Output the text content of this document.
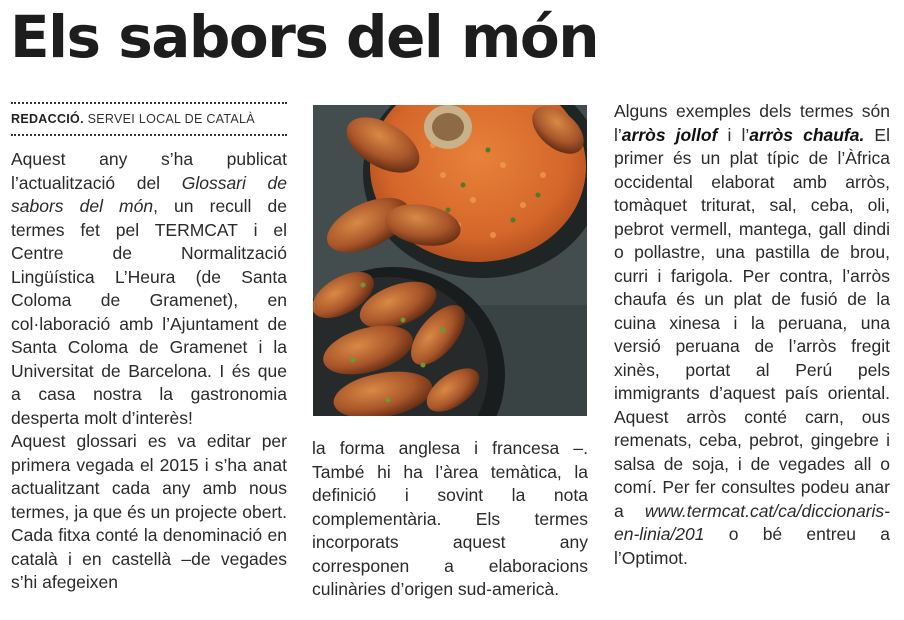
Els sabors del món
REDACCIÓ. SERVEI LOCAL DE CATALÀ

Aquest any s’ha publicat l’actualització del Glossari de sabors del món, un recull de termes fet pel TERMCAT i el Centre de Normalització Lingüística L’Heura (de Santa Coloma de Gramenet), en col·laboració amb l’Ajuntament de Santa Coloma de Gramenet i la Universitat de Barcelona. I és que a casa nostra la gastronomia desperta molt d’interès!

Aquest glossari es va editar per primera vegada el 2015 i s’ha anat actualitzant cada any amb nous termes, ja que és un projecte obert. Cada fitxa conté la denominació en català i en castellà –de vegades s’hi afegeixen

la forma anglesa i francesa –. També hi ha l’àrea temàtica, la definició i sovint la nota complementària. Els termes incorporats aquest any corresponen a elaboracions culinàries d’origen sud-americà.

Alguns exemples dels termes són l’arròs jollof i l’arròs chaufa. El primer és un plat típic de l’Àfrica occidental elaborat amb arròs, tomàquet triturat, sal, ceba, oli, pebrot vermell, mantega, gall dindi o pollastre, una pastilla de brou, curri i farigola. Per contra, l’arròs chaufa és un plat de fusió de la cuina xinesa i la peruana, una versió peruana de l’arròs fregit xinès, portat al Perú pels immigrants d’aquest país oriental. Aquest arròs conté carn, ous remenats, ceba, pebrot, gingebre i salsa de soja, i de vegades all o comí. Per fer consultes podeu anar a www.termcat.cat/ca/diccionaris-en-linia/201 o bé entreu a l’Optimot.
